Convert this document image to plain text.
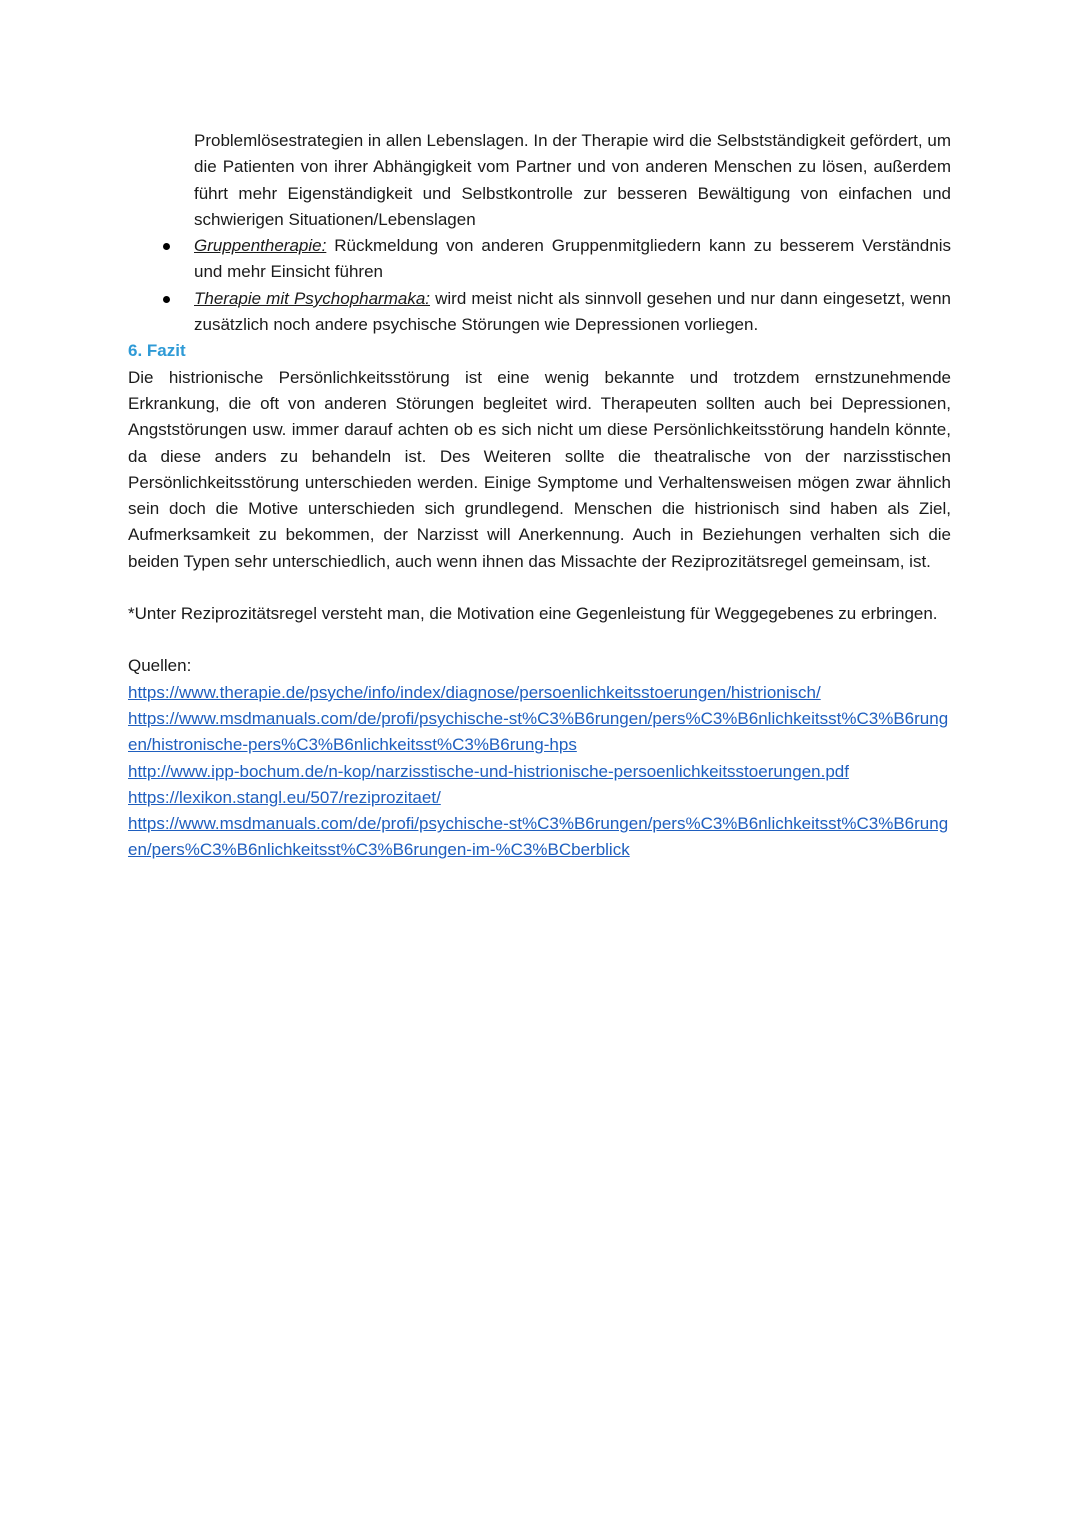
Problemlösestrategien in allen Lebenslagen. In der Therapie wird die Selbstständigkeit gefördert, um die Patienten von ihrer Abhängigkeit vom Partner und von anderen Menschen zu lösen, außerdem führt mehr Eigenständigkeit und Selbstkontrolle zur besseren Bewältigung von einfachen und schwierigen Situationen/Lebenslagen

Gruppentherapie: Rückmeldung von anderen Gruppenmitgliedern kann zu besserem Verständnis und mehr Einsicht führen
Therapie mit Psychopharmaka: wird meist nicht als sinnvoll gesehen und nur dann eingesetzt, wenn zusätzlich noch andere psychische Störungen wie Depressionen vorliegen.
6. Fazit

Die histrionische Persönlichkeitsstörung ist eine wenig bekannte und trotzdem ernstzunehmende Erkrankung, die oft von anderen Störungen begleitet wird. Therapeuten sollten auch bei Depressionen, Angststörungen usw. immer darauf achten ob es sich nicht um diese Persönlichkeitsstörung handeln könnte, da diese anders zu behandeln ist. Des Weiteren sollte die theatralische von der narzisstischen Persönlichkeitsstörung unterschieden werden. Einige Symptome und Verhaltensweisen mögen zwar ähnlich sein doch die Motive unterschieden sich grundlegend. Menschen die histrionisch sind haben als Ziel, Aufmerksamkeit zu bekommen, der Narzisst will Anerkennung. Auch in Beziehungen verhalten sich die beiden Typen sehr unterschiedlich, auch wenn ihnen das Missachte der Reziprozitätsregel gemeinsam, ist.

*Unter Reziprozitätsregel versteht man, die Motivation eine Gegenleistung für Weggegebenes zu erbringen.

Quellen:

https://www.therapie.de/psyche/info/index/diagnose/persoenlichkeitsstoerungen/histrionisch/
https://www.msdmanuals.com/de/profi/psychische-st%C3%B6rungen/pers%C3%B6nlichkeitsst%C3%B6rungen/histronische-pers%C3%B6nlichkeitsst%C3%B6rung-hps
http://www.ipp-bochum.de/n-kop/narzisstische-und-histrionische-persoenlichkeitsstoerungen.pdf
https://lexikon.stangl.eu/507/reziprozitaet/
https://www.msdmanuals.com/de/profi/psychische-st%C3%B6rungen/pers%C3%B6nlichkeitsst%C3%B6rungen/pers%C3%B6nlichkeitsst%C3%B6rungen-im-%C3%BCberblick
